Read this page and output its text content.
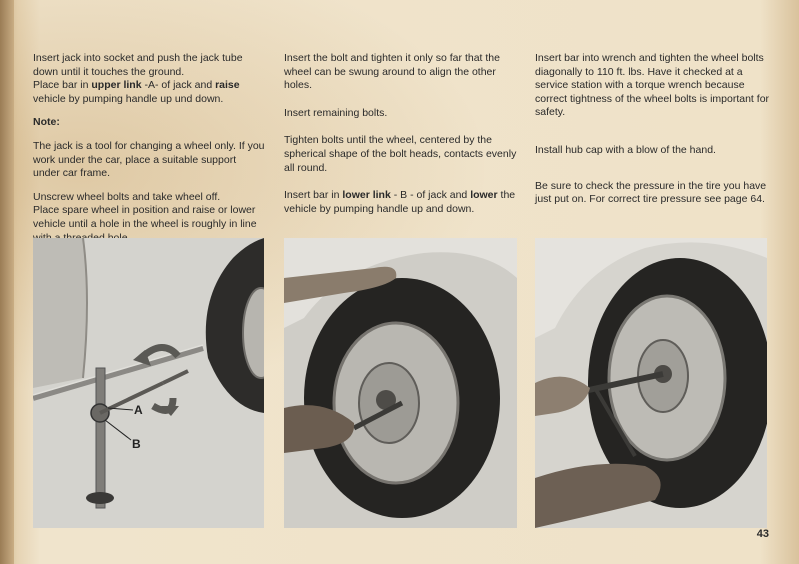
Insert jack into socket and push the jack tube down until it touches the ground.
Place bar in upper link -A- of jack and raise vehicle by pumping handle up und down.

Note:

The jack is a tool for changing a wheel only. If you work under the car, place a suitable support under car frame.

Unscrew wheel bolts and take wheel off.
Place spare wheel in position and raise or lower vehicle until a hole in the wheel is roughly in line

Insert the bolt and tighten it only so far that the wheel can be swung around to align the other holes.

Insert remaining bolts.

Tighten bolts until the wheel, centered by the spherical shape of the bolt heads, contacts evenly all round.

Insert bar in lower link - B - of jack and lower the vehicle by pumping handle up and down.

Insert bar into wrench and tighten the wheel bolts diagonally to 110 ft. lbs. Have it checked at a service station with a torque wrench because correct tightness of the wheel bolts is important for safety.

Install hub cap with a blow of the hand.

Be sure to check the pressure in the tire you have just put on. For correct tire pressure see page 64.

A
B
43
